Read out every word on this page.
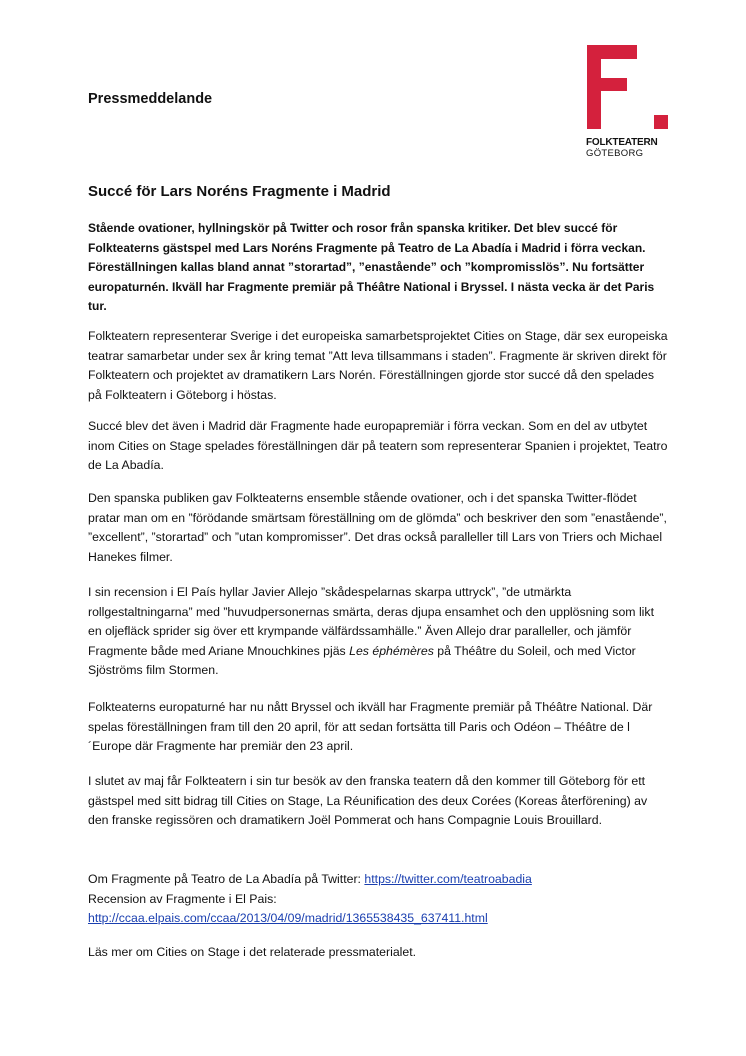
Pressmeddelande
FOLKTEATERN
GÖTEBORG
Succé för Lars Noréns Fragmente i Madrid
Stående ovationer, hyllningskör på Twitter och rosor från spanska kritiker. Det blev succé för Folkteaterns gästspel med Lars Noréns Fragmente på Teatro de La Abadía i Madrid i förra veckan. Föreställningen kallas bland annat ”storartad”, ”enastående” och ”kompromisslös”. Nu fortsätter europaturnén. Ikväll har Fragmente premiär på Théâtre National i Bryssel. I nästa vecka är det Paris tur.
Folkteatern representerar Sverige i det europeiska samarbetsprojektet Cities on Stage, där sex europeiska teatrar samarbetar under sex år kring temat ”Att leva tillsammans i staden”. Fragmente är skriven direkt för Folkteatern och projektet av dramatikern Lars Norén. Föreställningen gjorde stor succé då den spelades på Folkteatern i Göteborg i höstas.
Succé blev det även i Madrid där Fragmente hade europapremiär i förra veckan. Som en del av utbytet inom Cities on Stage spelades föreställningen där på teatern som representerar Spanien i projektet, Teatro de La Abadía.
Den spanska publiken gav Folkteaterns ensemble stående ovationer, och i det spanska Twitter-flödet pratar man om en ”förödande smärtsam föreställning om de glömda” och beskriver den som ”enastående”, ”excellent”, ”storartad” och ”utan kompromisser”. Det dras också paralleller till Lars von Triers och Michael Hanekes filmer.
I sin recension i El País hyllar Javier Allejo ”skådespelarnas skarpa uttryck”, ”de utmärkta rollgestaltningarna” med ”huvudpersonernas smärta, deras djupa ensamhet och den upplösning som likt en oljefläck sprider sig över ett krympande välfärdssamhälle.” Även Allejo drar paralleller, och jämför Fragmente både med Ariane Mnouchkines pjäs Les éphémères på Théâtre du Soleil, och med Victor Sjöströms film Stormen.
Folkteaterns europaturné har nu nått Bryssel och ikväll har Fragmente premiär på Théâtre National. Där spelas föreställningen fram till den 20 april, för att sedan fortsätta till Paris och Odéon – Théâtre de l´Europe där Fragmente har premiär den 23 april.
I slutet av maj får Folkteatern i sin tur besök av den franska teatern då den kommer till Göteborg för ett gästspel med sitt bidrag till Cities on Stage, La Réunification des deux Corées (Koreas återförening) av den franske regissören och dramatikern Joël Pommerat och hans Compagnie Louis Brouillard.
Om Fragmente på Teatro de La Abadía på Twitter: https://twitter.com/teatroabadia
Recension av Fragmente i El Pais:
http://ccaa.elpais.com/ccaa/2013/04/09/madrid/1365538435_637411.html
Läs mer om Cities on Stage i det relaterade pressmaterialet.
